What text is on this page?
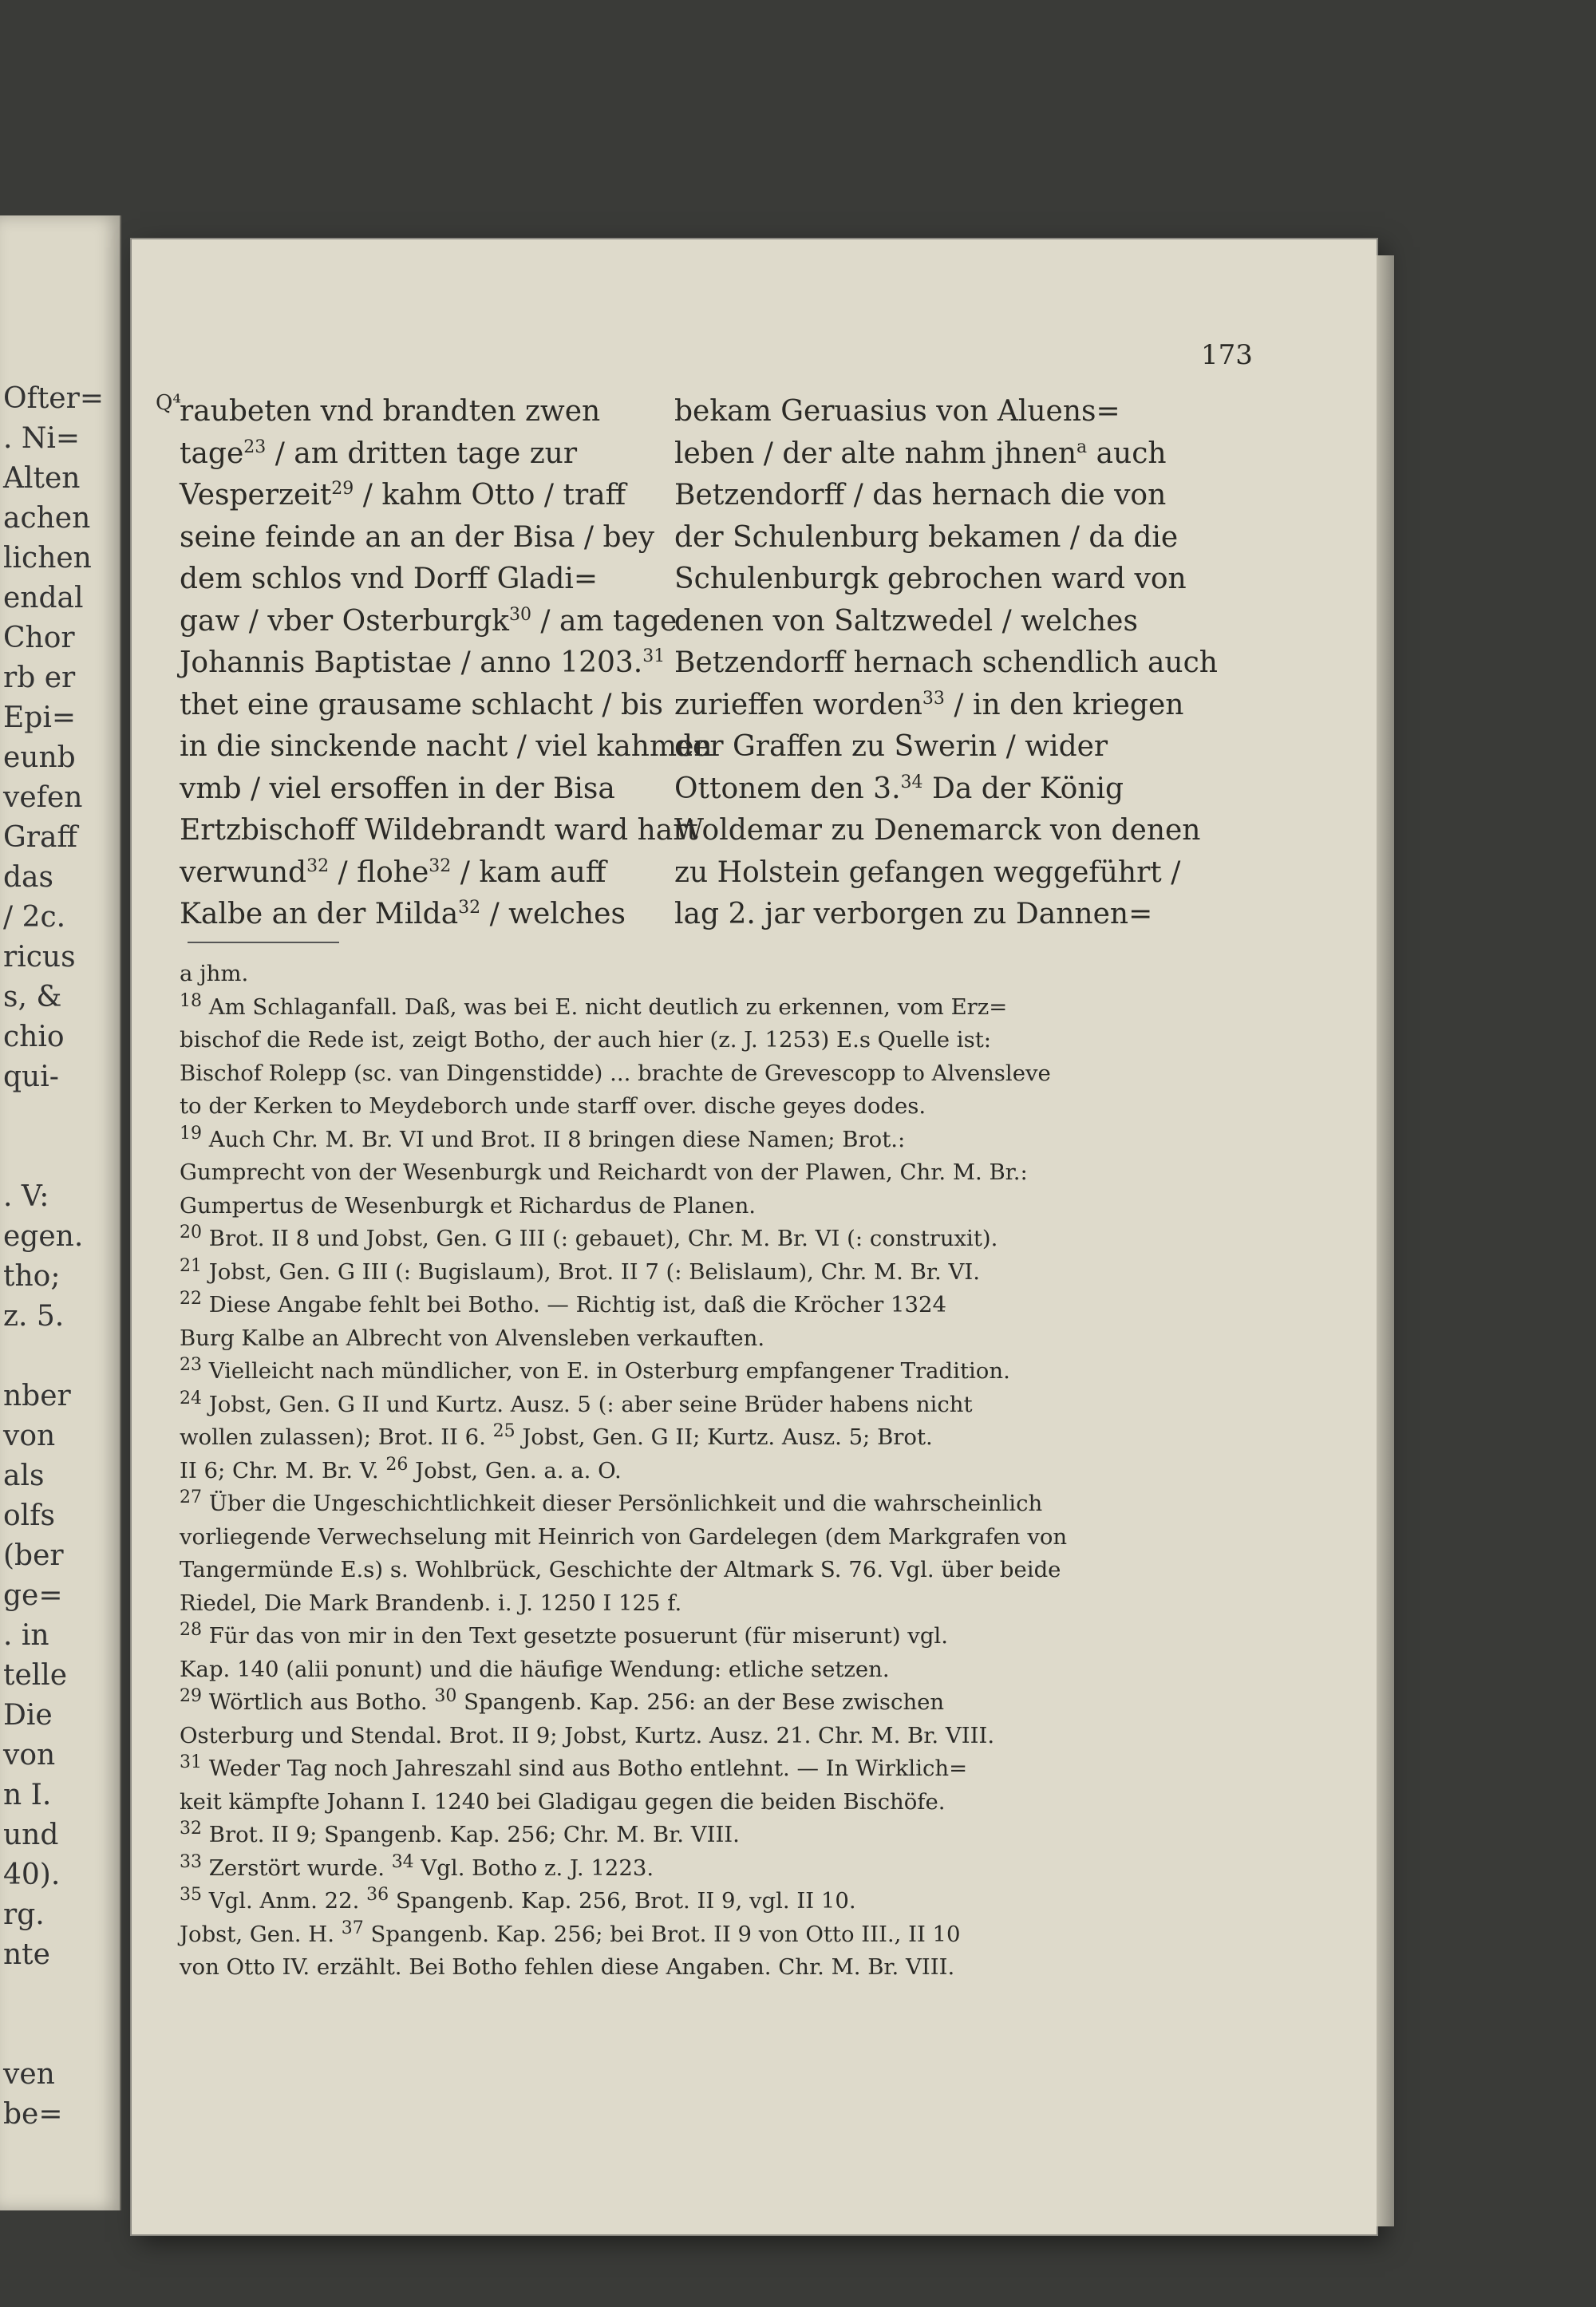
Ofter=
. Ni=
Alten
achen
lichen
endal
Chor
rb er
Epi=
eunb
vefen
Graff
das
/ 2c.
ricus
s, &
chio
qui-
. V:
egen.
tho;
z. 5.
nber
von
als
olfs
(ber
ge=
. in
telle
Die
von
n I.
und
40).
rg.
nte
ven
be=
173
Q⁴
raubeten vnd brandten zwen
tage$^{23}$ / am dritten tage zur
Vesperzeit$^{29}$ / kahm Otto / traff
seine feinde an an der Bisa / bey
dem schlos vnd Dorff Gladi=
gaw / vber Osterburgk$^{30}$ / am tage
Johannis Baptistae / anno 1203.31
thet eine grausame schlacht / bis
in die sinckende nacht / viel kahmen
vmb / viel ersoffen in der Bisa
Ertzbischoff Wildebrandt ward hart
verwund$^{32}$ / flohe$^{32}$ / kam auff
Kalbe an der Milda$^{32}$ / welches
bekam Geruasius von Aluens=
leben / der alte nahm jhnen$^a$ auch
Betzendorff / das hernach die von
der Schulenburg bekamen / da die
Schulenburgk gebrochen ward von
denen von Saltzwedel / welches
Betzendorff hernach schendlich auch
zurieffen worden$^{33}$ / in den kriegen
der Graffen zu Swerin / wider
Ottonem den 3.34 Da der König
Woldemar zu Denemarck von denen
zu Holstein gefangen weggeführt /
lag 2. jar verborgen zu Dannen=
a jhm.
$^{18}$ Am Schlaganfall. Daß, was bei E. nicht deutlich zu erkennen, vom Erz=
bischof die Rede ist, zeigt Botho, der auch hier (z. J. 1253) E.s Quelle ist:
Bischof Rolepp (sc. van Dingenstidde) ... brachte de Grevescopp to Alvensleve
to der Kerken to Meydeborch unde starff over. dische geyes dodes.
$^{19}$ Auch Chr. M. Br. VI und Brot. II 8 bringen diese Namen; Brot.:
Gumprecht von der Wesenburgk und Reichardt von der Plawen, Chr. M. Br.:
Gumpertus de Wesenburgk et Richardus de Planen.
$^{20}$ Brot. II 8 und Jobst, Gen. G III (: gebauet), Chr. M. Br. VI (: construxit).
$^{21}$ Jobst, Gen. G III (: Bugislaum), Brot. II 7 (: Belislaum), Chr. M. Br. VI.
$^{22}$ Diese Angabe fehlt bei Botho. — Richtig ist, daß die Kröcher 1324
Burg Kalbe an Albrecht von Alvensleben verkauften.
$^{23}$ Vielleicht nach mündlicher, von E. in Osterburg empfangener Tradition.
$^{24}$ Jobst, Gen. G II und Kurtz. Ausz. 5 (: aber seine Brüder habens nicht
wollen zulassen); Brot. II 6. $^{25}$ Jobst, Gen. G II; Kurtz. Ausz. 5; Brot.
II 6; Chr. M. Br. V. $^{26}$ Jobst, Gen. a. a. O.
$^{27}$ Über die Ungeschichtlichkeit dieser Persönlichkeit und die wahrscheinlich
vorliegende Verwechselung mit Heinrich von Gardelegen (dem Markgrafen von
Tangermünde E.s) s. Wohlbrück, Geschichte der Altmark S. 76. Vgl. über beide
Riedel, Die Mark Brandenb. i. J. 1250 I 125 f.
$^{28}$ Für das von mir in den Text gesetzte posuerunt (für miserunt) vgl.
Kap. 140 (alii ponunt) und die häufige Wendung: etliche setzen.
$^{29}$ Wörtlich aus Botho. $^{30}$ Spangenb. Kap. 256: an der Bese zwischen
Osterburg und Stendal. Brot. II 9; Jobst, Kurtz. Ausz. 21. Chr. M. Br. VIII.
$^{31}$ Weder Tag noch Jahreszahl sind aus Botho entlehnt. — In Wirklich=
keit kämpfte Johann I. 1240 bei Gladigau gegen die beiden Bischöfe.
$^{32}$ Brot. II 9; Spangenb. Kap. 256; Chr. M. Br. VIII.
$^{33}$ Zerstört wurde. $^{34}$ Vgl. Botho z. J. 1223.
$^{35}$ Vgl. Anm. 22. $^{36}$ Spangenb. Kap. 256, Brot. II 9, vgl. II 10.
Jobst, Gen. H. $^{37}$ Spangenb. Kap. 256; bei Brot. II 9 von Otto III., II 10
von Otto IV. erzählt. Bei Botho fehlen diese Angaben. Chr. M. Br. VIII.
